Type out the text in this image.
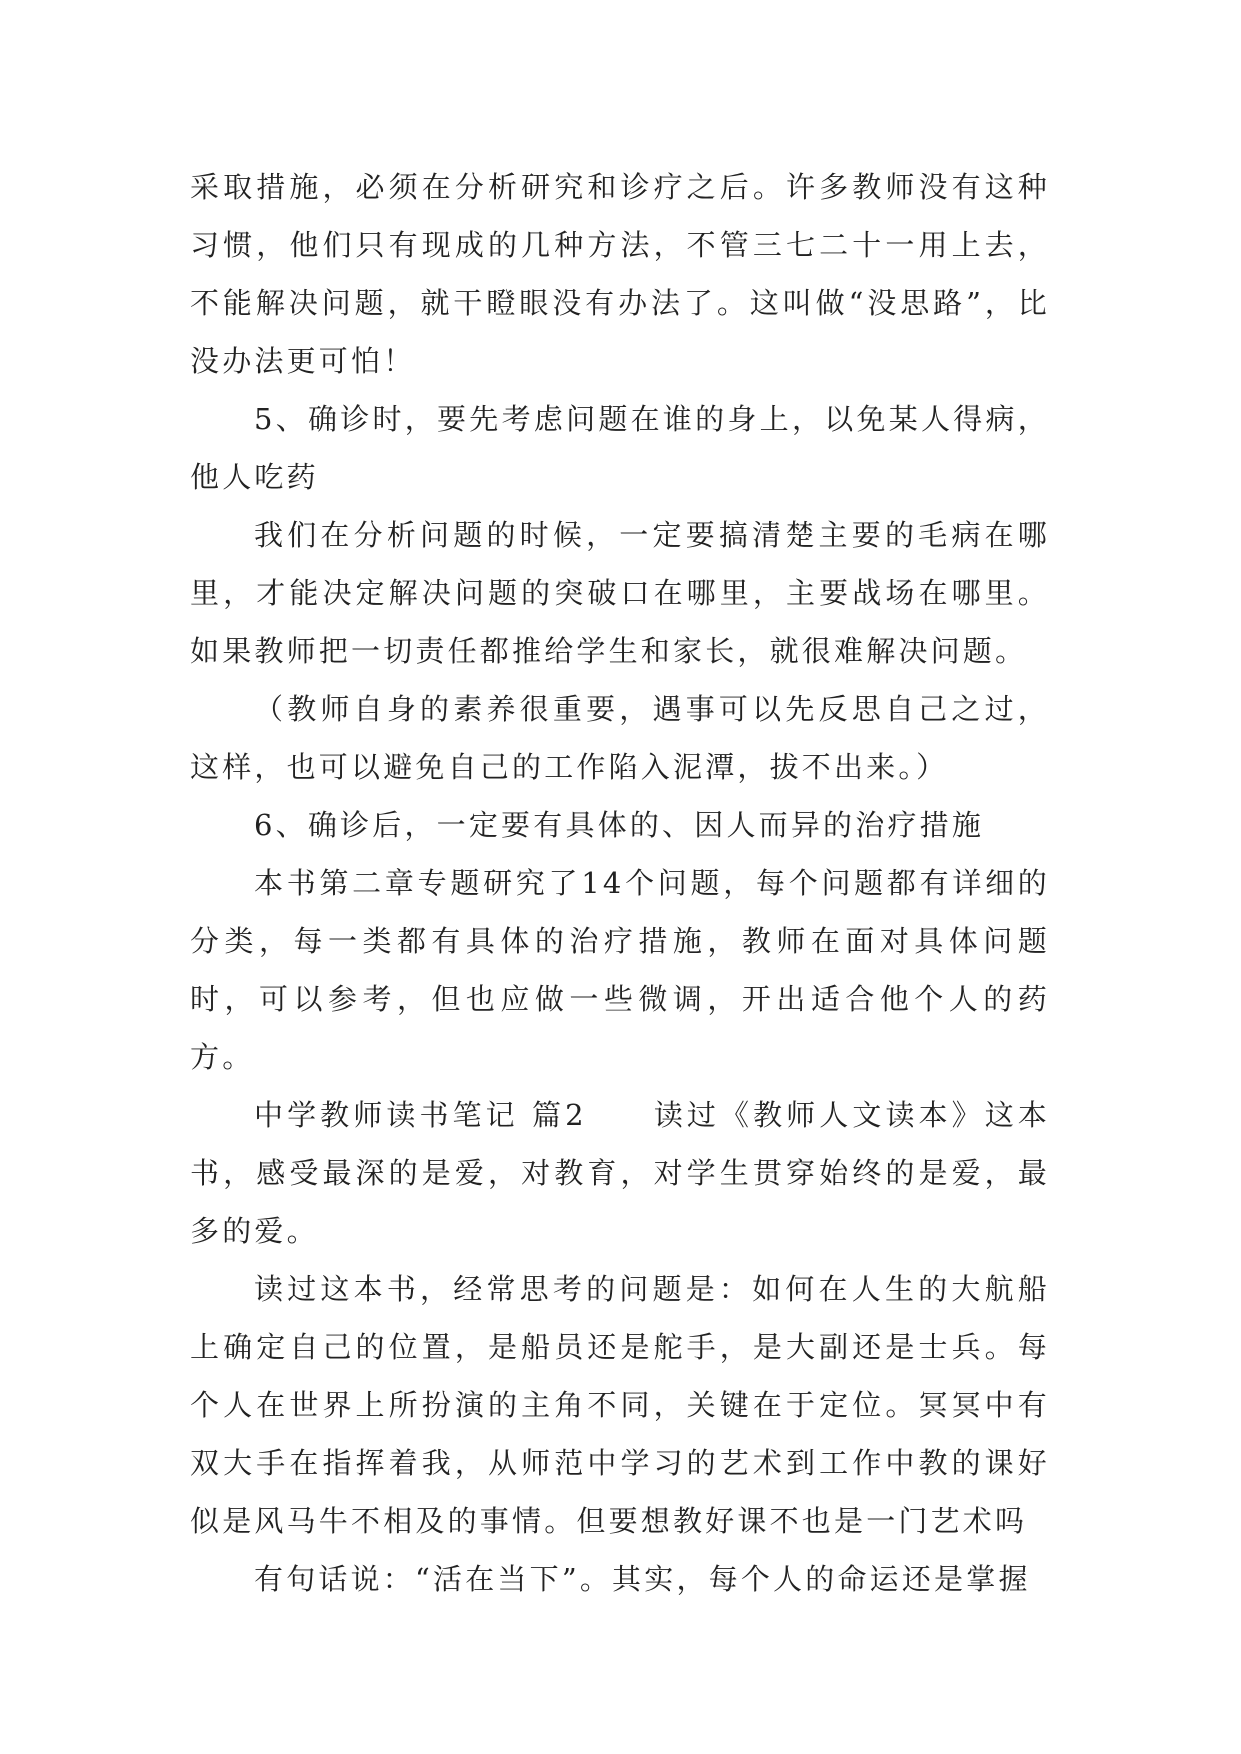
采取措施，必须在分析研究和诊疗之后。许多教师没有这种习惯，他们只有现成的几种方法，不管三七二十一用上去，不能解决问题，就干瞪眼没有办法了。这叫做“没思路”，比没办法更可怕！

5、确诊时，要先考虑问题在谁的身上，以免某人得病，他人吃药

我们在分析问题的时候，一定要搞清楚主要的毛病在哪里，才能决定解决问题的突破口在哪里，主要战场在哪里。如果教师把一切责任都推给学生和家长，就很难解决问题。

（教师自身的素养很重要，遇事可以先反思自己之过，这样，也可以避免自己的工作陷入泥潭，拔不出来。）

6、确诊后，一定要有具体的、因人而异的治疗措施

本书第二章专题研究了14个问题，每个问题都有详细的分类，每一类都有具体的治疗措施，教师在面对具体问题时，可以参考，但也应做一些微调，开出适合他个人的药方。

中学教师读书笔记 篇2　　读过《教师人文读本》这本书，感受最深的是爱，对教育，对学生贯穿始终的是爱，最多的爱。

读过这本书，经常思考的问题是：如何在人生的大航船上确定自己的位置，是船员还是舵手，是大副还是士兵。每个人在世界上所扮演的主角不同，关键在于定位。冥冥中有双大手在指挥着我，从师范中学习的艺术到工作中教的课好似是风马牛不相及的事情。但要想教好课不也是一门艺术吗

有句话说：“活在当下”。其实，每个人的命运还是掌握
